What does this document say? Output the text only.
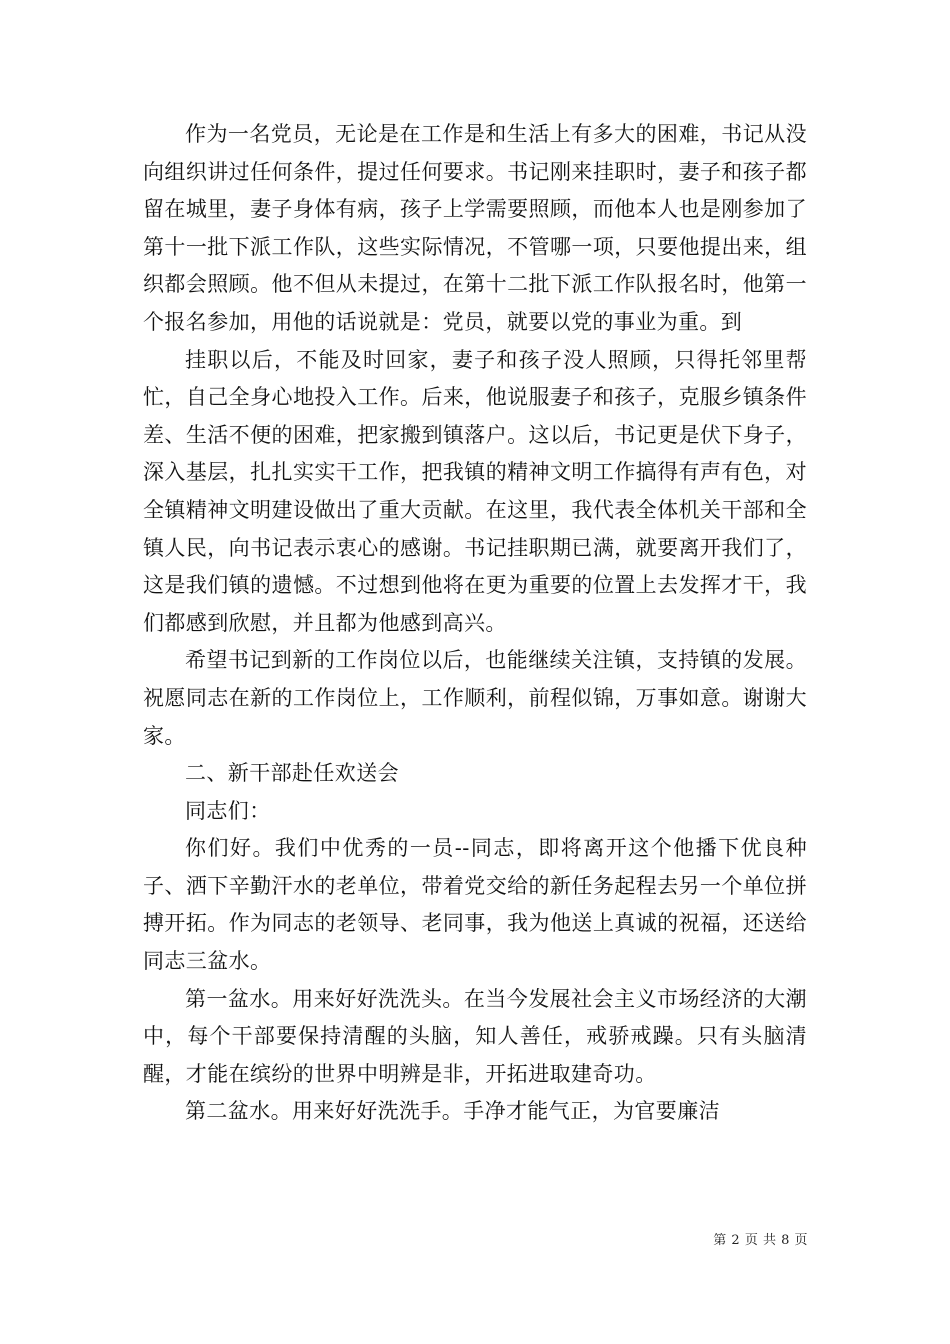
作为一名党员，无论是在工作是和生活上有多大的困难，书记从没向组织讲过任何条件，提过任何要求。书记刚来挂职时，妻子和孩子都留在城里，妻子身体有病，孩子上学需要照顾，而他本人也是刚参加了第十一批下派工作队，这些实际情况，不管哪一项，只要他提出来，组织都会照顾。他不但从未提过，在第十二批下派工作队报名时，他第一个报名参加，用他的话说就是：党员，就要以党的事业为重。到

挂职以后，不能及时回家，妻子和孩子没人照顾，只得托邻里帮忙，自己全身心地投入工作。后来，他说服妻子和孩子，克服乡镇条件差、生活不便的困难，把家搬到镇落户。这以后，书记更是伏下身子，深入基层，扎扎实实干工作，把我镇的精神文明工作搞得有声有色，对全镇精神文明建设做出了重大贡献。在这里，我代表全体机关干部和全镇人民，向书记表示衷心的感谢。书记挂职期已满，就要离开我们了，这是我们镇的遗憾。不过想到他将在更为重要的位置上去发挥才干，我们都感到欣慰，并且都为他感到高兴。

希望书记到新的工作岗位以后，也能继续关注镇，支持镇的发展。祝愿同志在新的工作岗位上，工作顺利，前程似锦，万事如意。谢谢大家。

二、新干部赴任欢送会

同志们：

你们好。我们中优秀的一员--同志，即将离开这个他播下优良种子、洒下辛勤汗水的老单位，带着党交给的新任务起程去另一个单位拼搏开拓。作为同志的老领导、老同事，我为他送上真诚的祝福，还送给同志三盆水。

第一盆水。用来好好洗洗头。在当今发展社会主义市场经济的大潮中，每个干部要保持清醒的头脑，知人善任，戒骄戒躁。只有头脑清醒，才能在缤纷的世界中明辨是非，开拓进取建奇功。

第二盆水。用来好好洗洗手。手净才能气正，为官要廉洁

第 2 页 共 8 页
